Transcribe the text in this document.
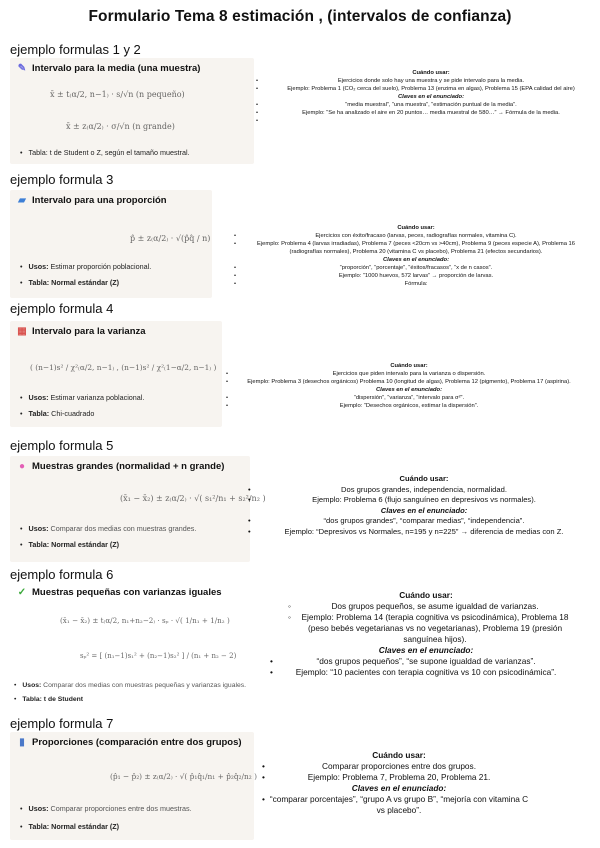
Formulario Tema 8 estimación , (intervalos de confianza)
ejemplo formulas 1 y 2
✎ Intervalo para la media (una muestra)
x̄ ± t₍α/2, n−1₎ · s/√n (n pequeño)
x̄ ± z₍α/2₎ · σ/√n (n grande)
• Tabla: t de Student o Z, según el tamaño muestral.
Cuándo usar:
• Ejercicios donde solo hay una muestra y se pide intervalo para la media.
• Ejemplo: Problema 1 (CO₂ cerca del suelo), Problema 13 (enzima en algas), Problema 15 (EPA calidad del aire)
Claves en el enunciado:
• “media muestral”, “una muestra”, “estimación puntual de la media”.
• Ejemplo: “Se ha analizado el aire en 20 puntos… media muestral de 580…” → Fórmula de la media.
ejemplo formula 3
▰ Intervalo para una proporción
p̂ ± z₍α/2₎ · √(p̂q̂ / n)
• Usos: Estimar proporción poblacional.
• Tabla: Normal estándar (Z)
Cuándo usar:
• Ejercicios con éxito/fracaso (larvas, peces, radiografías normales, vitamina C).
• Ejemplo: Problema 4 (larvas irradiadas), Problema 7 (peces <20cm vs >40cm), Problema 9 (peces especie A), Problema 16 (radiografías normales), Problema 20 (vitamina C vs placebo), Problema 21 (efectos secundarios).
Claves en el enunciado:
• “proporción”, “porcentaje”, “éxitos/fracasos”, “x de n casos”.
• Ejemplo: “1000 huevos, 572 larvas” → proporción de larvas.
• Fórmula:
ejemplo formula 4
▦ Intervalo para la varianza
( (n−1)s² / χ²₍α/2, n−1₎ , (n−1)s² / χ²₍1−α/2, n−1₎ )
• Usos: Estimar varianza poblacional.
• Tabla: Chi-cuadrado
Cuándo usar:
• Ejercicios que piden intervalo para la varianza o dispersión.
• Ejemplo: Problema 3 (desechos orgánicos) Problema 10 (longitud de algas), Problema 12 (pigmento), Problema 17 (aspirina).
Claves en el enunciado:
• “dispersión”, “varianza”, “intervalo para σ²”.
• Ejemplo: “Desechos orgánicos, estimar la dispersión”.
ejemplo formula 5
● Muestras grandes (normalidad + n grande)
(x̄₁ − x̄₂) ± z₍α/2₎ · √( s₁²/n₁ + s₂²/n₂ )
• Usos: Comparar dos medias con muestras grandes.
• Tabla: Normal estándar (Z)
Cuándo usar:
• Dos grupos grandes, independencia, normalidad.
• Ejemplo: Problema 6 (flujo sanguíneo en depresivos vs normales).
Claves en el enunciado:
• “dos grupos grandes”, “comparar medias”, “independencia”.
• Ejemplo: “Depresivos vs Normales, n=195 y n=225” → diferencia de medias con Z.
ejemplo formula 6
✓ Muestras pequeñas con varianzas iguales
(x̄₁ − x̄₂) ± t₍α/2, n₁+n₂−2₎ · sₚ · √( 1/n₁ + 1/n₂ )
sₚ² = [ (n₁−1)s₁² + (n₂−1)s₂² ] / (n₁ + n₂ − 2)
• Usos: Comparar dos medias con muestras pequeñas y varianzas iguales.
• Tabla: t de Student
Cuándo usar:
◦ Dos grupos pequeños, se asume igualdad de varianzas.
◦ Ejemplo: Problema 14 (terapia cognitiva vs psicodinámica), Problema 18 (peso bebés vegetarianas vs no vegetarianas), Problema 19 (presión sanguínea hijos).
Claves en el enunciado:
• “dos grupos pequeños”, “se supone igualdad de varianzas”.
• Ejemplo: “10 pacientes con terapia cognitiva vs 10 con psicodinámica”.
ejemplo formula 7
▮ Proporciones (comparación entre dos grupos)
(p̂₁ − p̂₂) ± z₍α/2₎ · √( p̂₁q̂₁/n₁ + p̂₂q̂₂/n₂ )
• Usos: Comparar proporciones entre dos muestras.
• Tabla: Normal estándar (Z)
Cuándo usar:
• Comparar proporciones entre dos grupos.
• Ejemplo: Problema 7, Problema 20, Problema 21.
Claves en el enunciado:
• “comparar porcentajes”, “grupo A vs grupo B”, “mejoría con vitamina C vs placebo”.
